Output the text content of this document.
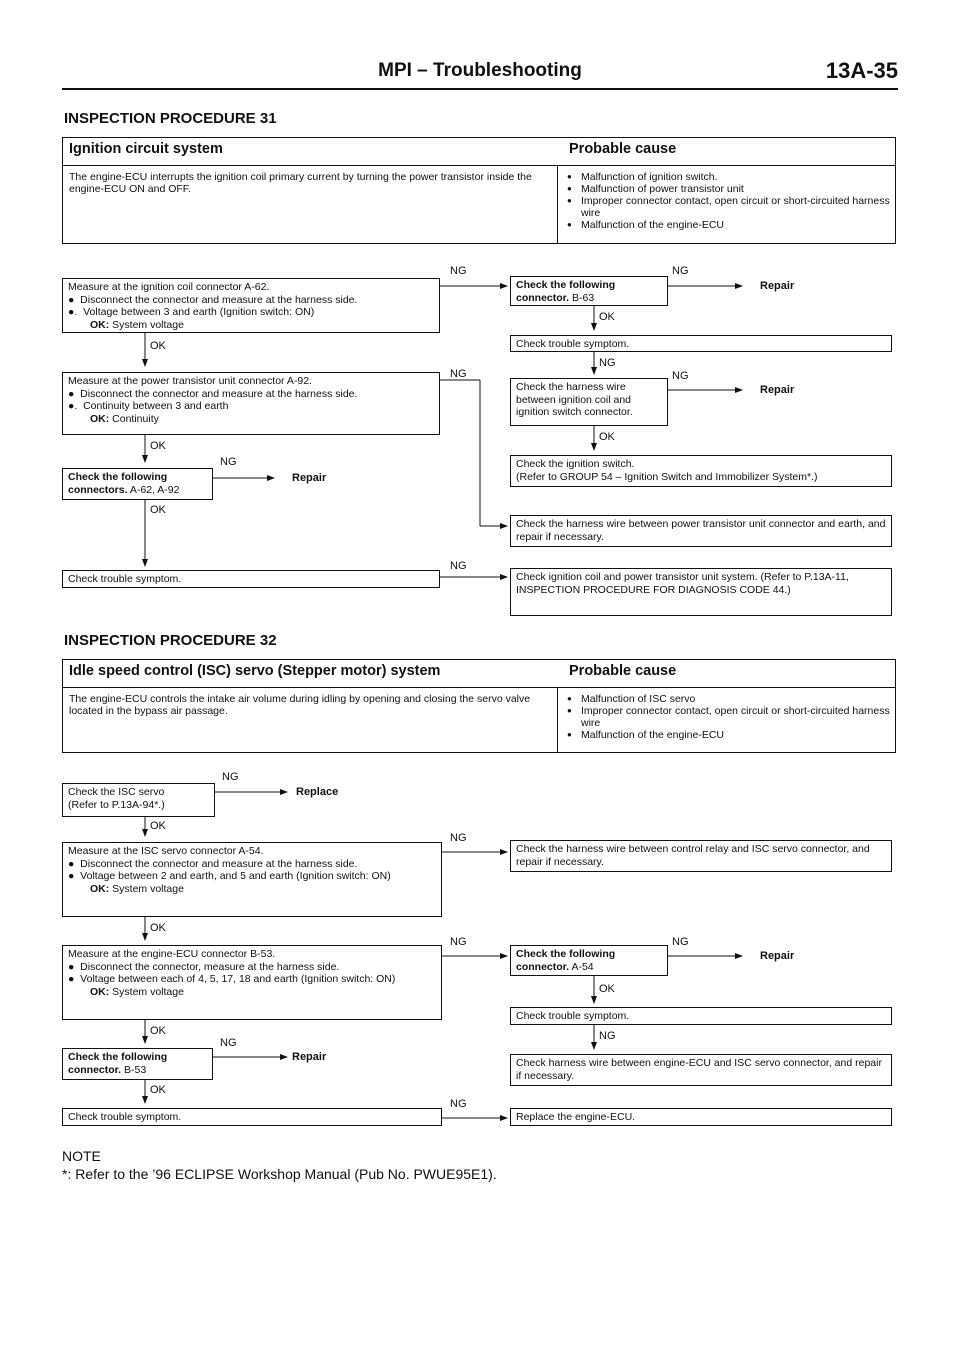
MPI – Troubleshooting	13A-35
INSPECTION PROCEDURE 31
Ignition circuit system	Probable cause
The engine-ECU interrupts the ignition coil primary current by turning the power transistor inside the engine-ECU ON and OFF.
● Malfunction of ignition switch.
● Malfunction of power transistor unit
● Improper connector contact, open circuit or short-circuited harness wire
● Malfunction of the engine-ECU
Measure at the ignition coil connector A-62.
●  Disconnect the connector and measure at the harness side.
●.  Voltage between 3 and earth (Ignition switch: ON)
OK: System voltage
Measure at the power transistor unit connector A-92.
●  Disconnect the connector and measure at the harness side.
●.  Continuity between 3 and earth
OK: Continuity
Check the following connectors. A-62, A-92
Check trouble symptom.
Check the following connector. B-63
Check trouble symptom.
Check the harness wire between ignition coil and ignition switch connector.
Check the ignition switch.
(Refer to GROUP 54 – Ignition Switch and Immobilizer System*.)
Check the harness wire between power transistor unit connector and earth, and repair if necessary.
Check ignition coil and power transistor unit system. (Refer to P.13A-11, INSPECTION PROCEDURE FOR DIAGNOSIS CODE 44.)
NG	NG
Repair
OK
OK
NG
NG
NG
Repair
OK
OK
NG
Repair
OK
NG
INSPECTION PROCEDURE 32
Idle speed control (ISC) servo (Stepper motor) system	Probable cause
The engine-ECU controls the intake air volume during idling by opening and closing the servo valve located in the bypass air passage.
● Malfunction of ISC servo
● Improper connector contact, open circuit or short-circuited harness wire
● Malfunction of the engine-ECU
Check the ISC servo
(Refer to P.13A-94*.)
Measure at the ISC servo connector A-54.
●  Disconnect the connector and measure at the harness side.
●  Voltage between 2 and earth, and 5 and earth (Ignition switch: ON)
OK: System voltage
Measure at the engine-ECU connector B-53.
●  Disconnect the connector, measure at the harness side.
●  Voltage between each of 4, 5, 17, 18 and earth (Ignition switch: ON)
OK: System voltage
Check the following connector. B-53
Check trouble symptom.
Check the harness wire between control relay and ISC servo connector, and repair if necessary.
Check the following connector. A-54
Check trouble symptom.
Check harness wire between engine-ECU and ISC servo connector, and repair if necessary.
Replace the engine-ECU.
NG
Replace
OK
NG
OK
NG	NG
Repair
OK
OK	NG
NG
Repair
OK
NG
NOTE
*: Refer to the ’96 ECLIPSE Workshop Manual (Pub No. PWUE95E1).
